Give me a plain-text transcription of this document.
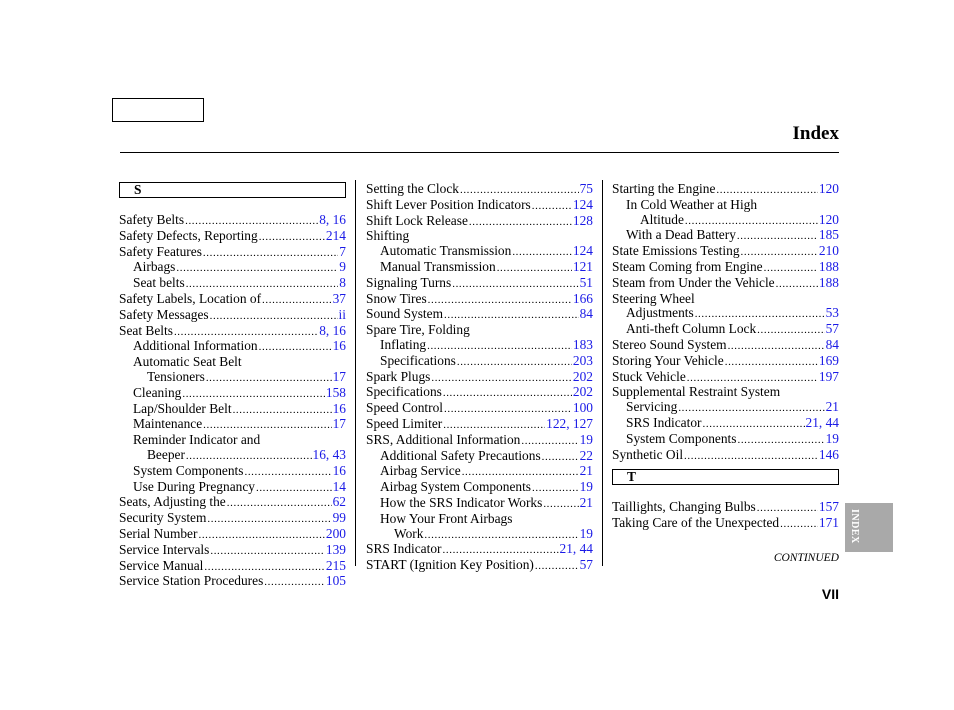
Index
S
Safety Belts .....	8, 16
Safety Defects, Reporting .....	214
Safety Features .....	7
Airbags .....	9
Seat belts .....	8
Safety Labels, Location of .....	37
Safety Messages .....	ii
Seat Belts .....	8, 16
Additional Information .....	16
Automatic Seat Belt
Tensioners .....	17
Cleaning .....	158
Lap/Shoulder Belt .....	16
Maintenance .....	17
Reminder Indicator and
Beeper .....	16, 43
System Components .....	16
Use During Pregnancy .....	14
Seats, Adjusting the .....	62
Security System .....	99
Serial Number .....	200
Service Intervals .....	139
Service Manual .....	215
Service Station Procedures .....	105
Setting the Clock .....	75
Shift Lever Position Indicators .....	124
Shift Lock Release .....	128
Shifting
Automatic Transmission .....	124
Manual Transmission .....	121
Signaling Turns .....	51
Snow Tires .....	166
Sound System .....	84
Spare Tire, Folding
Inflating .....	183
Specifications .....	203
Spark Plugs .....	202
Specifications .....	202
Speed Control .....	100
Speed Limiter .....	122, 127
SRS, Additional Information .....	19
Additional Safety Precautions .....	22
Airbag Service .....	21
Airbag System Components .....	19
How the SRS Indicator Works .....	21
How Your Front Airbags
Work .....	19
SRS Indicator .....	21, 44
START (Ignition Key Position) .....	57
Starting the Engine .....	120
In Cold Weather at High
Altitude .....	120
With a Dead Battery .....	185
State Emissions Testing .....	210
Steam Coming from Engine .....	188
Steam from Under the Vehicle .....	188
Steering Wheel
Adjustments .....	53
Anti-theft Column Lock .....	57
Stereo Sound System .....	84
Storing Your Vehicle .....	169
Stuck Vehicle .....	197
Supplemental Restraint System
Servicing .....	21
SRS Indicator .....	21, 44
System Components .....	19
Synthetic Oil .....	146
T
Taillights, Changing Bulbs .....	157
Taking Care of the Unexpected .....	171
CONTINUED
VII
INDEX
